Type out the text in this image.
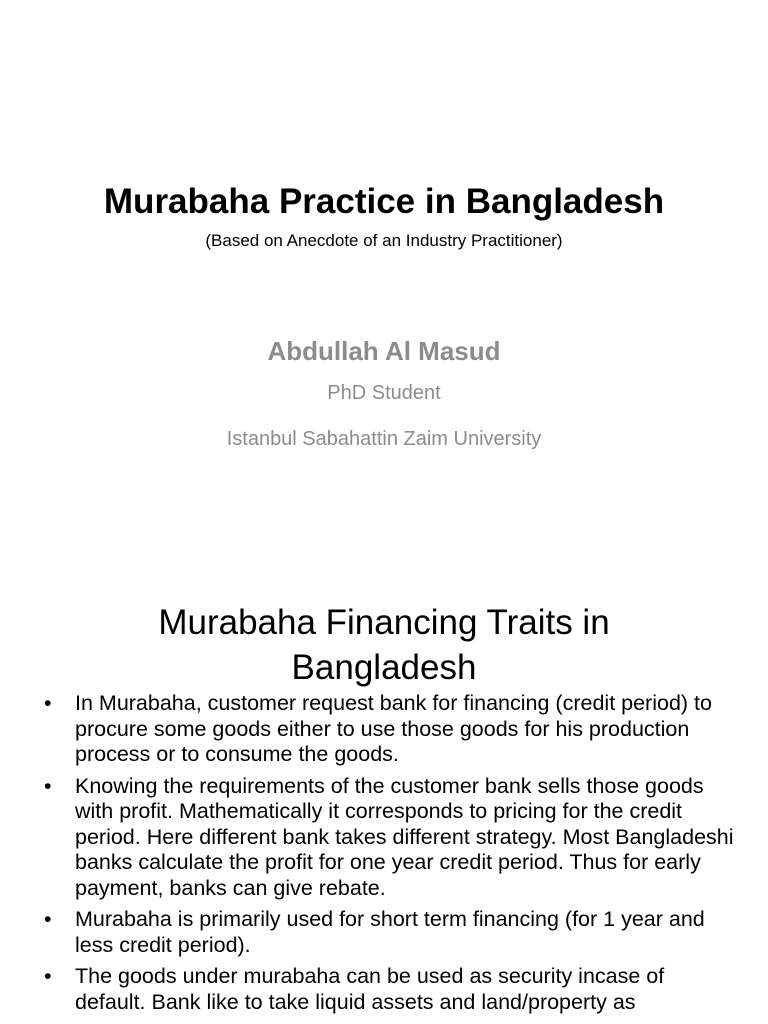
Murabaha Practice in Bangladesh
(Based on Anecdote of an Industry Practitioner)
Abdullah Al Masud
PhD Student
Istanbul Sabahattin Zaim University
Murabaha Financing Traits in
Bangladesh
• In Murabaha, customer request bank for financing (credit period) to procure some goods either to use those goods for his production process or to consume the goods.
• Knowing the requirements of the customer bank sells those goods with profit. Mathematically it corresponds to pricing for the credit period. Here different bank takes different strategy. Most Bangladeshi banks calculate the profit for one year credit period. Thus for early payment, banks can give rebate.
• Murabaha is primarily used for short term financing (for 1 year and less credit period).
• The goods under murabaha can be used as security incase of default. Bank like to take liquid assets and land/property as
